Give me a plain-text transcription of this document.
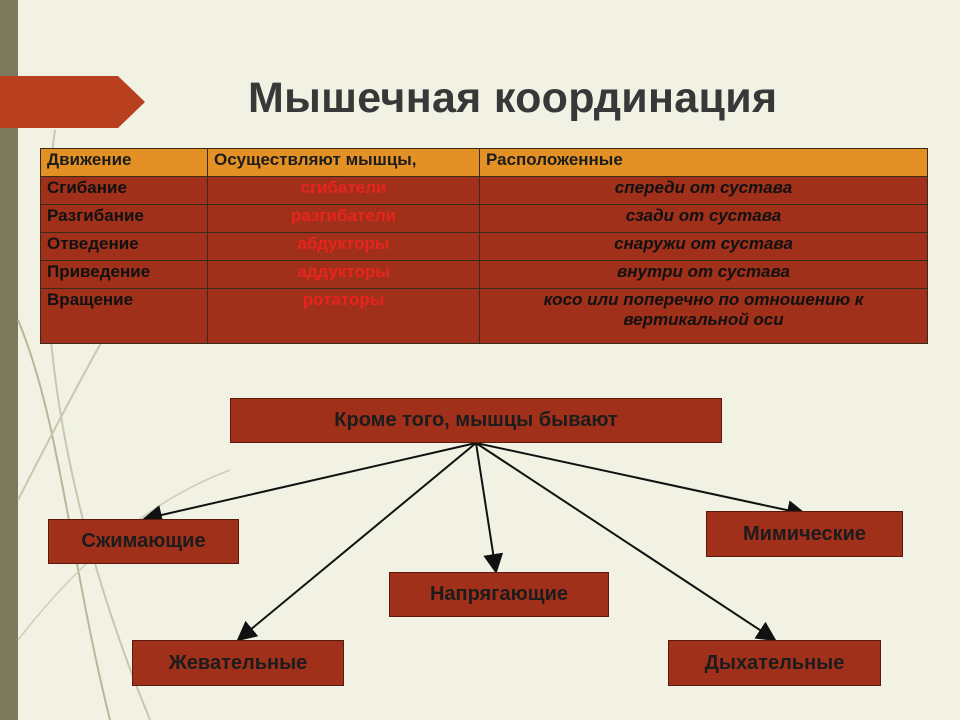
Мышечная координация
Движение	Осуществляют мышцы,	Расположенные
Сгибание	сгибатели	спереди от сустава
Разгибание	разгибатели	сзади от сустава
Отведение	абдукторы	снаружи от сустава
Приведение	аддукторы	внутри от сустава
Вращение	ротаторы	косо или поперечно по отношению к вертикальной оси
Кроме того, мышцы бывают
Сжимающие	Мимические
Напрягающие
Жевательные	Дыхательные
